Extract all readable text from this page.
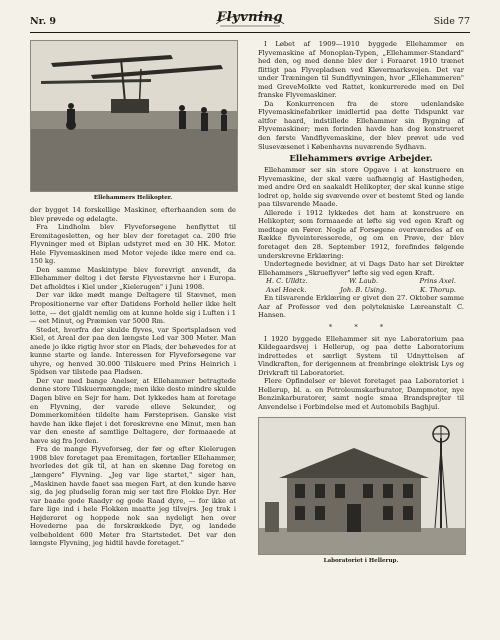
Nr. 9	Flyvning	Side 77
Ellehammers Helikopter.

der bygget 14 forskellige Maskiner, efterhaanden som de blev prøvede og ødelagte.

Fra Lindholm blev Flyveforsøgene henflyttet til Eremitagesletten, og her blev der foretaget ca. 200 frie Flyvninger med et Biplan udstyret med en 30 HK. Motor. Hele Flyvemaskinen med Motor vejede ikke mere end ca. 150 kg.

Den samme Maskintype blev forevrigt anvendt, da Ellehammer deltog i det første Flyvestævne her i Europa. Det afholdtes i Kiel under „Kielerugen" i Juni 1908.

Der var ikke mødt mange Deltagere til Stævnet, men Propositionerne var efter Datidens Forhold heller ikke helt lette, — det gjaldt nemlig om at kunne holde sig i Luften i 1 — eet Minut, og Præmien var 5000 Rm.

Stedet, hvorfra der skulde flyves, var Sportspladsen ved Kiel, et Areal der paa den længste Led var 300 Meter. Man anede jo ikke rigtig hvor stor en Plads, der behøvedes for at kunne starte og lande. Interessen for Flyveforsøgene var uhyre, og henved 30.000 Tilskuere med Prins Heinrich i Spidsen var tilstede paa Pladsen.

Der var med bange Anelser, at Ellehammer betragtede denne store Tilskuermængde; men ikke desto mindre skulde Dagen blive en Sejr for ham. Det lykkedes ham at foretage en Flyvning, der varede elleve Sekunder, og Dommerkomitéen tildelte ham Førsteprisen. Ganske vist havde han ikke fløjet i det foreskrevne ene Minut, men han var den eneste af samtlige Deltagere, der formaaede at hæve sig fra Jorden.

Fra de mange Flyveforsøg, der før og efter Kielerugen 1908 blev foretaget paa Eremitagen, fortæller Ellehammer, hvorledes det gik til, at han en skønne Dag foretog en „længere" Flyvning. „Jeg var lige startet," siger han, „Maskinen havde faaet saa megen Fart, at den kunde hæve sig, da jeg pludselig foran mig ser tæt fire Flokke Dyr. Her var baade gode Raadyr og gode Raad dyre, — for ikke at fare lige ind i hele Flokken maatte jeg tilvejrs. Jeg trak i Højderoret og hoppede nok saa nydeligt hen over Hovederne paa de forskrækkede Dyr, og landede velbeholdent 600 Meter fra Startstedet. Det var den længste Flyvning, jeg hidtil havde foretaget."

I Løbet af 1909—1910 byggede Ellehammer en Flyvemaskine af Monoplan-Typen, „Ellehammer-Standard" hed den, og med denne blev der i Foraaret 1910 trænet flittigt paa Flyvepladsen ved Kløvermarksvejen. Det var under Træningen til Sundflyvningen, hvor „Ellehammeren" med GreveMolkte ved Rattet, konkurrerede med en Del franske Flyvemaskiner.

Da Konkurrencen fra de store udenlandske Flyvemaskinefabriker imidlertid paa dette Tidspunkt var altfor haard, indstillede Ellehammer sin Bygning af Flyvemaskiner; men forinden havde han dog konstrueret den første Vandflyvemaskine, der blev prøvet ude ved Slusevæsenet i Københavns nuværende Sydhavn.

Ellehammers øvrige Arbejder.

Ellehammer ser sin store Opgave i at konstruere en Flyvemaskine, der skal være uafhængig af Hastigheden, med andre Ord en saakaldt Helikopter, der skal kunne stige lodret op, holde sig svævende over et bestemt Sted og lande paa tilsvarende Maade.

Allerede i 1912 lykkedes det ham at konstruere en Helikopter, som formaaede at løfte sig ved egen Kraft og medtage en Fører. Nogle af Forsøgene overværedes af en Række flyveinteresserede, og om en Prøve, der blev foretaget den 28. September 1912, forefindes følgende underskrevne Erklæring:

Undertegnede bevidner, at vi Dags Dato har set Direktør Ellehammers „Skrueflyver" løfte sig ved egen Kraft.

H. C. Ulldtz.	W. Laub.	Prins Axel.

Axel Hoeck.	Joh. B. Using.	K. Thorup.

En tilsvarende Erklæring er givet den 27. Oktober samme Aar af Professor ved den polytekniske Læreanstalt C. Hansen.

* * *

I 1920 byggede Ellehammer sit nye Laboratorium paa Kildegaardsvej i Hellerup, og paa dette Laboratorium indrettedes et særligt System til Udnyttelsen af Vindkraften, for derigennem at frembringe elektrisk Lys og Drivkraft til Laboratoriet.

Flere Opfindelser er blevet foretaget paa Laboratoriet i Hellerup, bl. a. en Petroleumskarburator, Dampmotor, nye Benzinkarburatorer, samt nogle smaa Brandsprøjter til Anvendelse i Forbindelse med et Automobils Baghjul.

Laboratoriet i Hellerup.
